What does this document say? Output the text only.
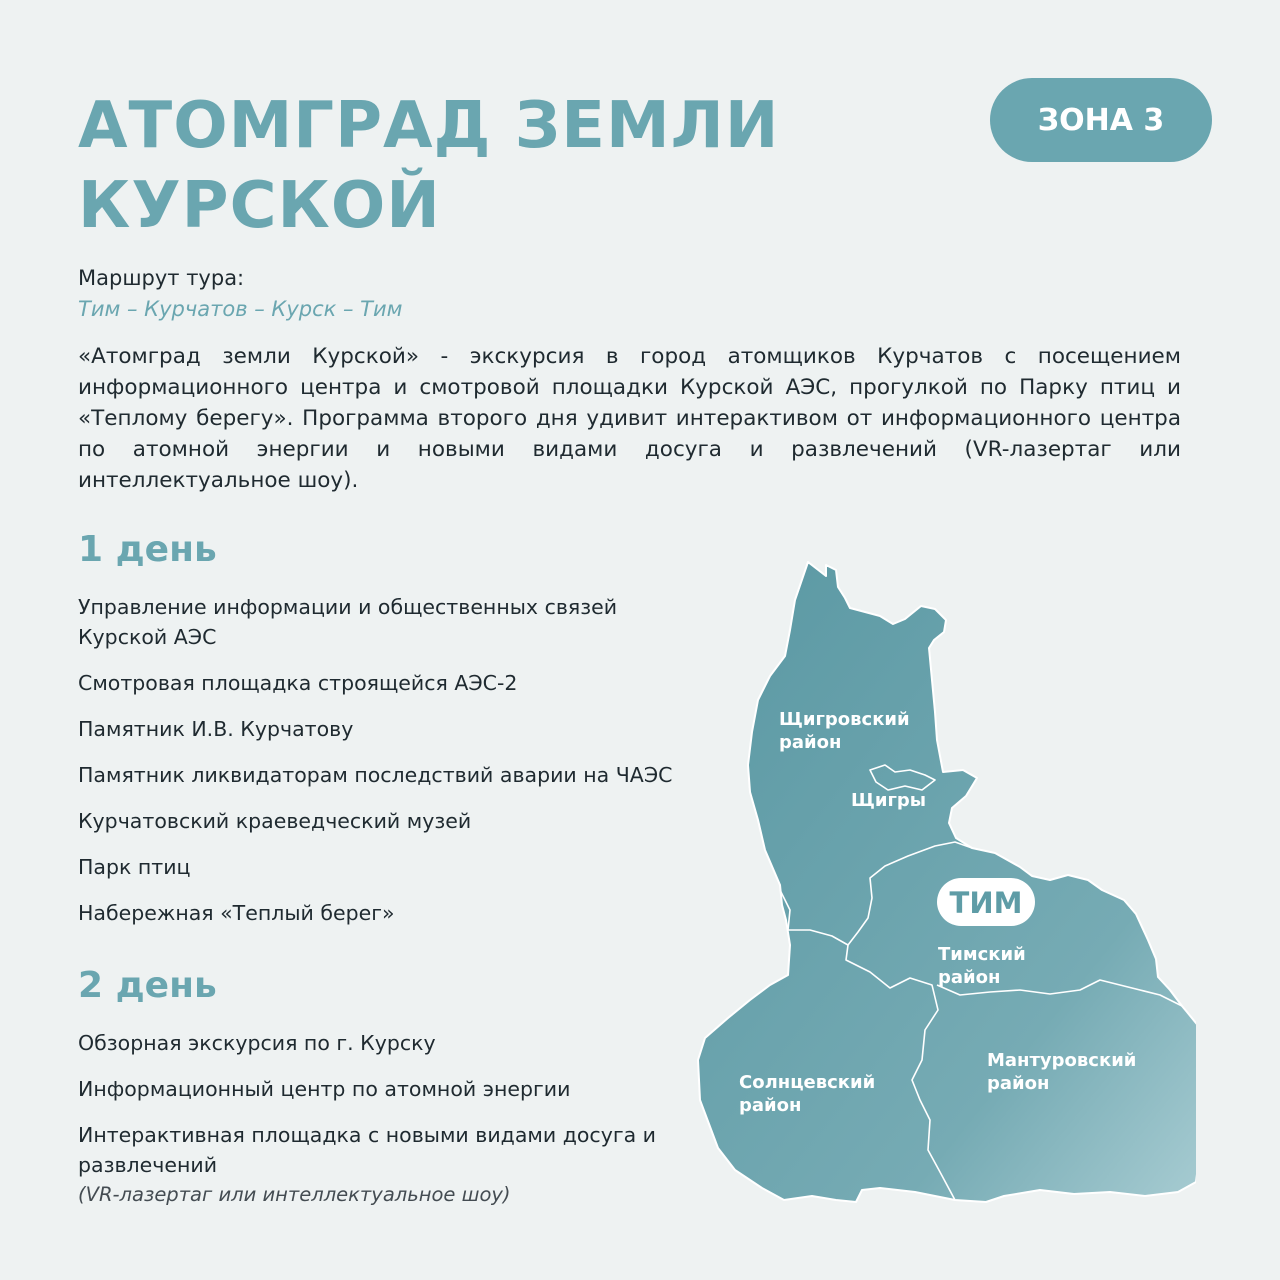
АТОМГРАД ЗЕМЛИ
КУРСКОЙ
ЗОНА 3
Маршрут тура:
Тим – Курчатов – Курск – Тим

«Атомград земли Курской» - экскурсия в город атомщиков Курчатов с посещением информационного центра и смотровой площадки Курской АЭС, прогулкой по Парку птиц и «Теплому берегу». Программа второго дня удивит интерактивом от информационного центра по атомной энергии и новыми видами досуга и развлечений (VR-лазертаг или интеллектуальное шоу).

1 день
Управление информации и общественных связей Курской АЭС
Смотровая площадка строящейся АЭС-2
Памятник И.В. Курчатову
Памятник ликвидаторам последствий аварии на ЧАЭС
Курчатовский краеведческий музей
Парк птиц
Набережная «Теплый берег»
2 день
Обзорная экскурсия по г. Курску
Информационный центр по атомной энергии
Интерактивная площадка с новыми видами досуга и развлечений
(VR-лазертаг или интеллектуальное шоу)
Щигровский
район
Щигры
ТИМ
Тимский
район
Солнцевский
район
Мантуровский
район
